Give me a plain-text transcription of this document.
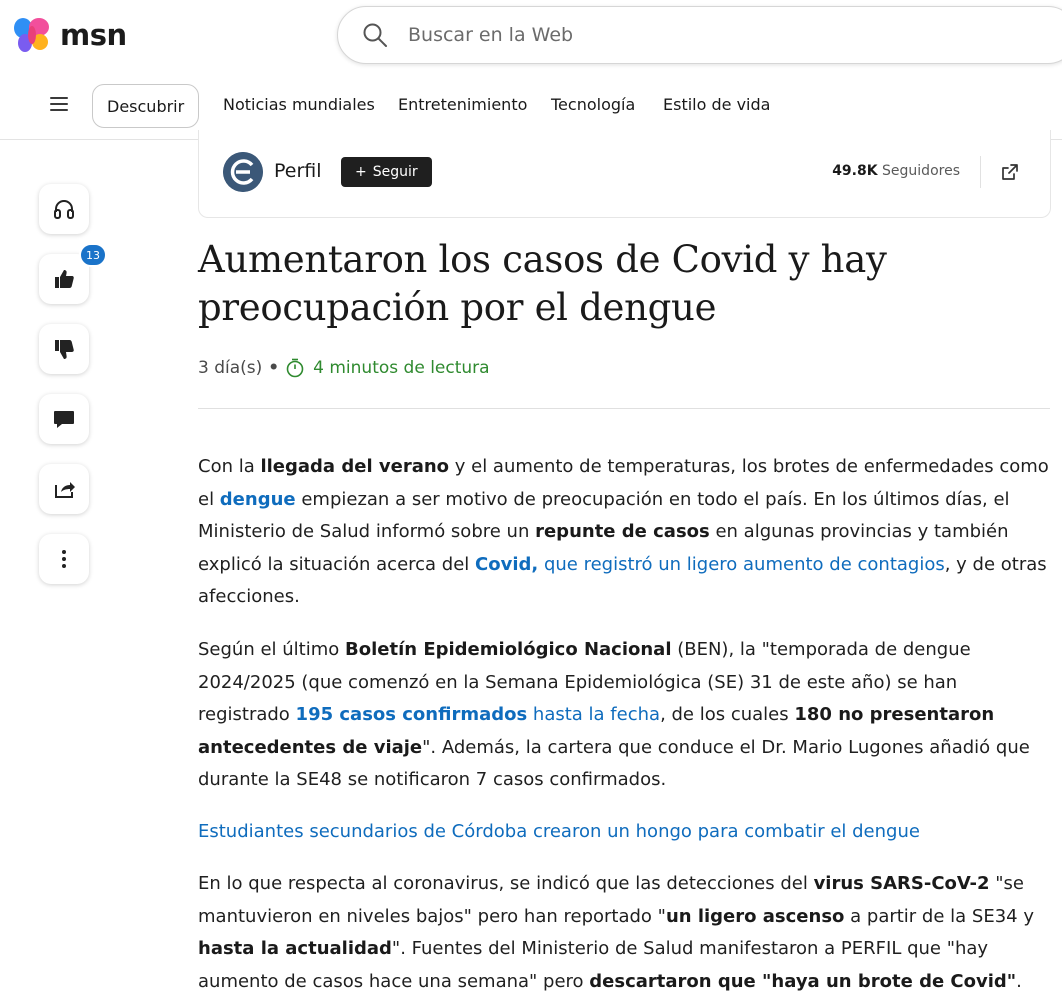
msn	Buscar en la Web
Descubrir	Noticias mundiales Entretenimiento Tecnología Estilo de vida
13
Perfil + Seguir	49.8K Seguidores
Aumentaron los casos de Covid y hay preocupación por el dengue
3 día(s) • 4 minutos de lectura

Con la llegada del verano y el aumento de temperaturas, los brotes de enfermedades como el dengue empiezan a ser motivo de preocupación en todo el país. En los últimos días, el Ministerio de Salud informó sobre un repunte de casos en algunas provincias y también explicó la situación acerca del Covid, que registró un ligero aumento de contagios, y de otras afecciones.

Según el último Boletín Epidemiológico Nacional (BEN), la "temporada de dengue 2024/2025 (que comenzó en la Semana Epidemiológica (SE) 31 de este año) se han registrado 195 casos confirmados hasta la fecha, de los cuales 180 no presentaron antecedentes de viaje". Además, la cartera que conduce el Dr. Mario Lugones añadió que durante la SE48 se notificaron 7 casos confirmados.

Estudiantes secundarios de Córdoba crearon un hongo para combatir el dengue

En lo que respecta al coronavirus, se indicó que las detecciones del virus SARS-CoV-2 "se mantuvieron en niveles bajos" pero han reportado "un ligero ascenso a partir de la SE34 y hasta la actualidad". Fuentes del Ministerio de Salud manifestaron a PERFIL que "hay aumento de casos hace una semana" pero descartaron que "haya un brote de Covid".
